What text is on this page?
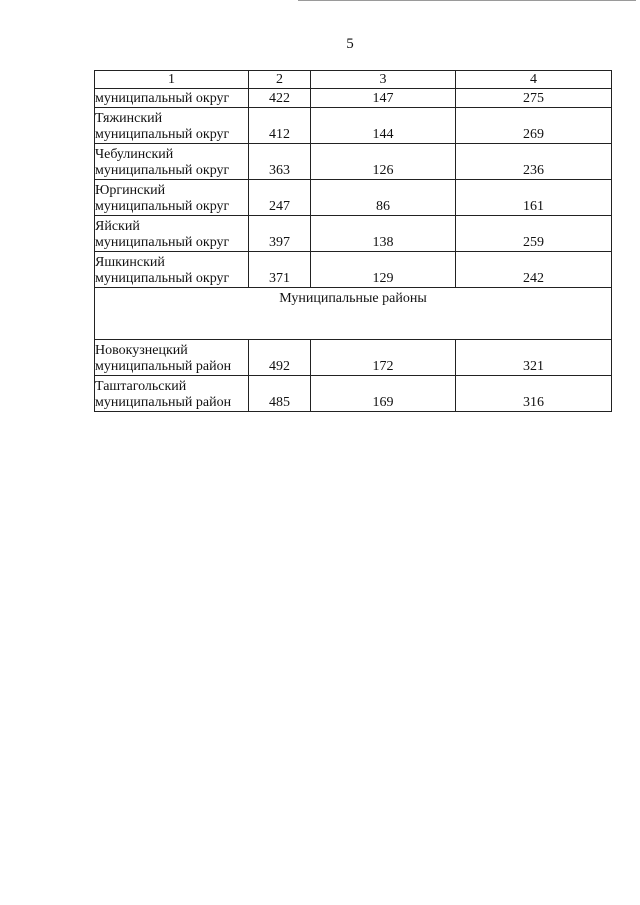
5
1	2	3	4

муниципальный округ	422	147	275

Тяжинский
муниципальный округ	412	144	269

Чебулинский
муниципальный округ	363	126	236

Юргинский
муниципальный округ	247	86	161

Яйский
муниципальный округ	397	138	259

Яшкинский
муниципальный округ	371	129	242
Муниципальные районы			

Новокузнецкий
муниципальный район	492	172	321

Таштагольский
муниципальный район	485	169	316
